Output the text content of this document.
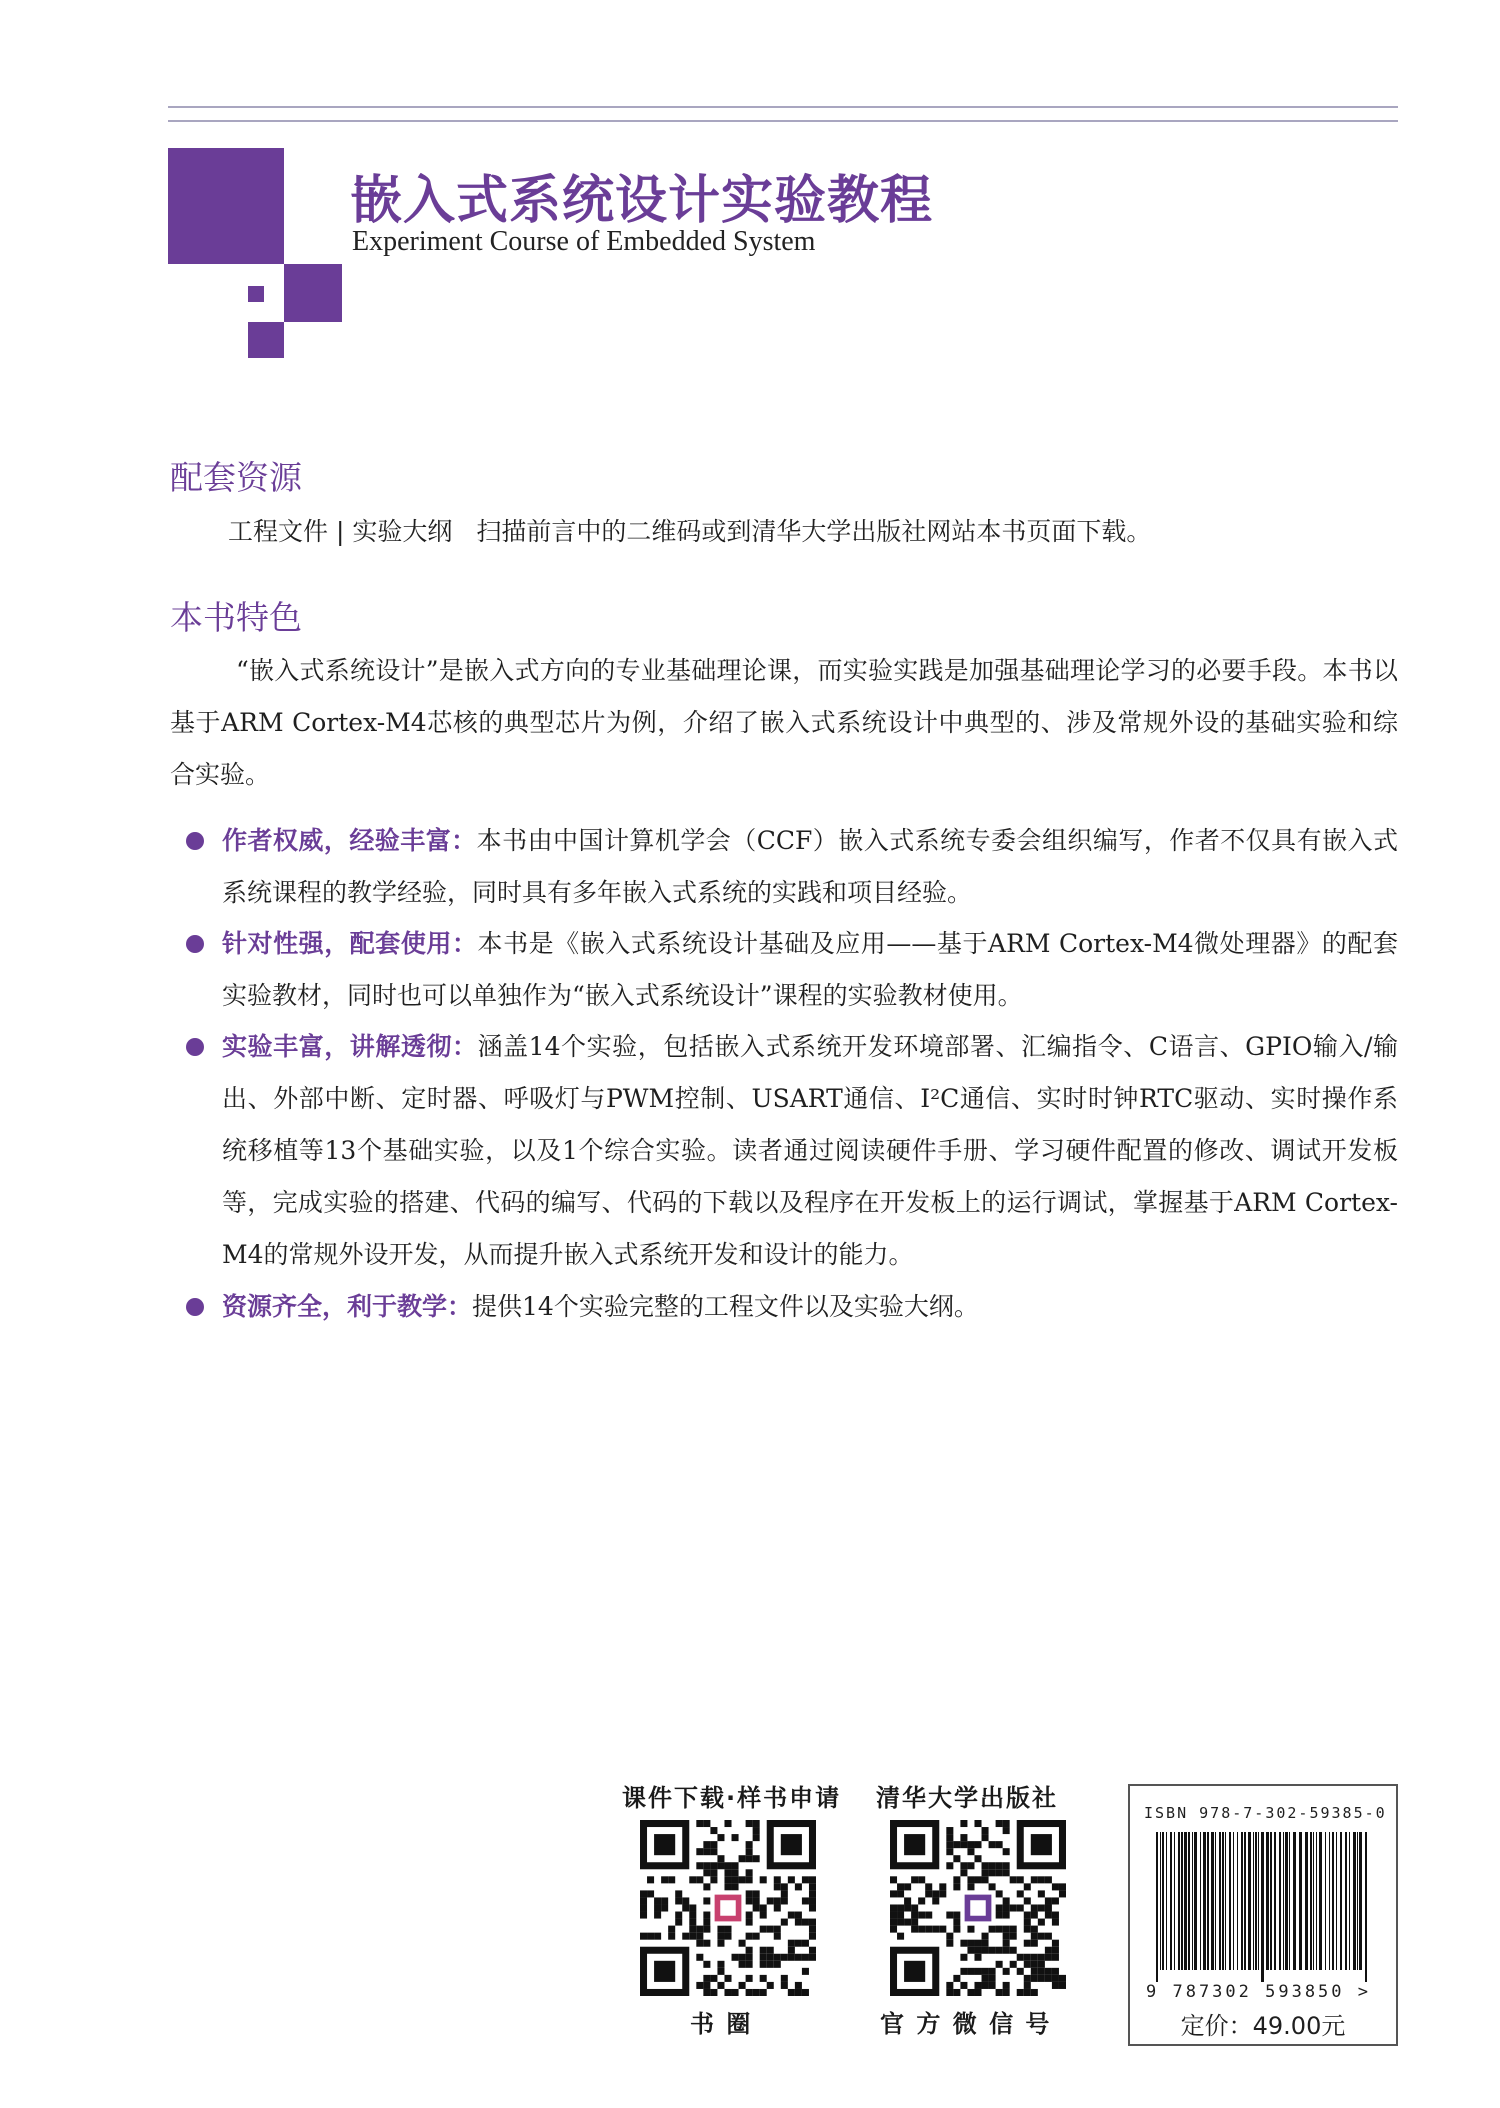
嵌入式系统设计实验教程
Experiment Course of Embedded System
配套资源
工程文件 | 实验大纲 扫描前言中的二维码或到清华大学出版社网站本书页面下载。
本书特色
“嵌入式系统设计”是嵌入式方向的专业基础理论课，而实验实践是加强基础理论学习的必要手段。本书以基于ARM Cortex-M4芯核的典型芯片为例，介绍了嵌入式系统设计中典型的、涉及常规外设的基础实验和综合实验。
作者权威，经验丰富：本书由中国计算机学会（CCF）嵌入式系统专委会组织编写，作者不仅具有嵌入式系统课程的教学经验，同时具有多年嵌入式系统的实践和项目经验。
针对性强，配套使用：本书是《嵌入式系统设计基础及应用——基于ARM Cortex-M4微处理器》的配套实验教材，同时也可以单独作为“嵌入式系统设计”课程的实验教材使用。
实验丰富，讲解透彻：涵盖14个实验，包括嵌入式系统开发环境部署、汇编指令、C语言、GPIO输入/输出、外部中断、定时器、呼吸灯与PWM控制、USART通信、I²C通信、实时时钟RTC驱动、实时操作系统移植等13个基础实验，以及1个综合实验。读者通过阅读硬件手册、学习硬件配置的修改、调试开发板等，完成实验的搭建、代码的编写、代码的下载以及程序在开发板上的运行调试，掌握基于ARM Cortex-M4的常规外设开发，从而提升嵌入式系统开发和设计的能力。
资源齐全，利于教学：提供14个实验完整的工程文件以及实验大纲。
课件下载·样书申请
书 圈
清华大学出版社
官 方 微 信 号
ISBN 978-7-302-59385-0
9 787302 593850 >
定价：49.00元
